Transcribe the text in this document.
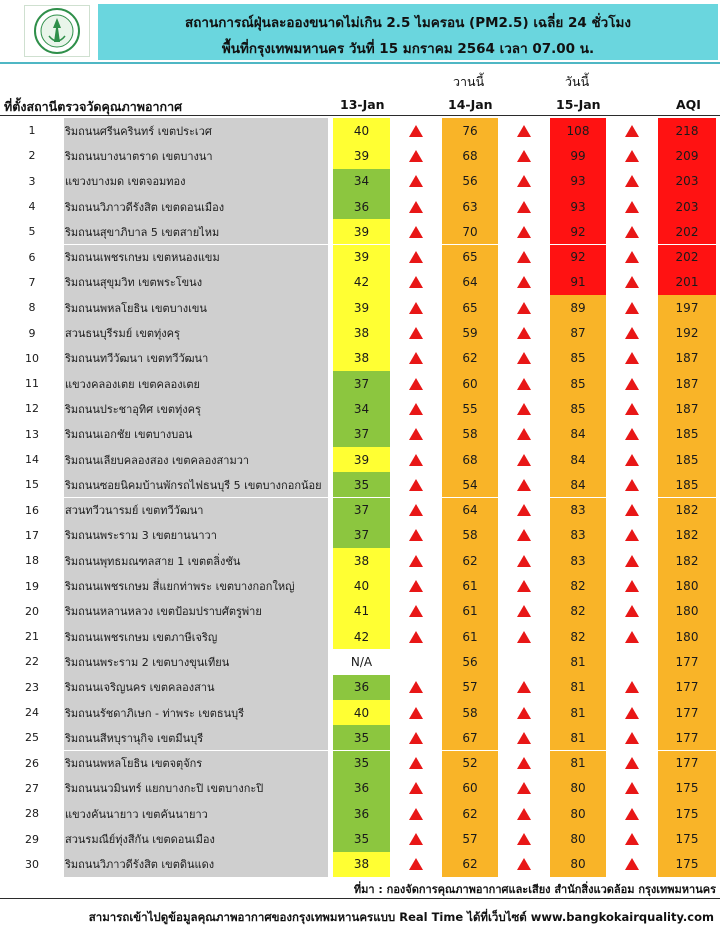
สถานการณ์ฝุ่นละอองขนาดไม่เกิน 2.5 ไมครอน (PM2.5) เฉลี่ย 24 ชั่วโมง
พื้นที่กรุงเทพมหานคร วันที่ 15 มกราคม 2564 เวลา 07.00 น.
วานนี้	วันนี้
ที่ตั้งสถานีตรวจวัดคุณภาพอากาศ	13-Jan	14-Jan	15-Jan	AQI
1	ริมถนนศรีนครินทร์ เขตประเวศ	40	76	108	218
2	ริมถนนบางนาตราด เขตบางนา	39	68	99	209
3	แขวงบางมด เขตจอมทอง	34	56	93	203
4	ริมถนนวิภาวดีรังสิต เขตดอนเมือง	36	63	93	203
5	ริมถนนสุขาภิบาล 5 เขตสายไหม	39	70	92	202
6	ริมถนนเพชรเกษม เขตหนองแขม	39	65	92	202
7	ริมถนนสุขุมวิท เขตพระโขนง	42	64	91	201
8	ริมถนนพหลโยธิน เขตบางเขน	39	65	89	197
9	สวนธนบุรีรมย์ เขตทุ่งครุ	38	59	87	192
10	ริมถนนทวีวัฒนา เขตทวีวัฒนา	38	62	85	187
11	แขวงคลองเตย เขตคลองเตย	37	60	85	187
12	ริมถนนประชาอุทิศ เขตทุ่งครุ	34	55	85	187
13	ริมถนนเอกชัย เขตบางบอน	37	58	84	185
14	ริมถนนเลียบคลองสอง เขตคลองสามวา	39	68	84	185
15	ริมถนนซอยนิคมบ้านพักรถไฟธนบุรี 5 เขตบางกอกน้อย	35	54	84	185
16	สวนทวีวนารมย์ เขตทวีวัฒนา	37	64	83	182
17	ริมถนนพระราม 3 เขตยานนาวา	37	58	83	182
18	ริมถนนพุทธมณฑลสาย 1 เขตตลิ่งชัน	38	62	83	182
19	ริมถนนเพชรเกษม สี่แยกท่าพระ เขตบางกอกใหญ่	40	61	82	180
20	ริมถนนหลานหลวง เขตป้อมปราบศัตรูพ่าย	41	61	82	180
21	ริมถนนเพชรเกษม เขตภาษีเจริญ	42	61	82	180
22	ริมถนนพระราม 2 เขตบางขุนเทียน	N/A	56	81	177
23	ริมถนนเจริญนคร เขตคลองสาน	36	57	81	177
24	ริมถนนรัชดาภิเษก - ท่าพระ เขตธนบุรี	40	58	81	177
25	ริมถนนสีหบุรานุกิจ เขตมีนบุรี	35	67	81	177
26	ริมถนนพหลโยธิน เขตจตุจักร	35	52	81	177
27	ริมถนนนวมินทร์ แยกบางกะปิ เขตบางกะปิ	36	60	80	175
28	แขวงคันนายาว เขตคันนายาว	36	62	80	175
29	สวนรมณีย์ทุ่งสีกัน เขตดอนเมือง	35	57	80	175
30	ริมถนนวิภาวดีรังสิต เขตดินแดง	38	62	80	175
ที่มา : กองจัดการคุณภาพอากาศและเสียง สำนักสิ่งแวดล้อม กรุงเทพมหานคร
สามารถเข้าไปดูข้อมูลคุณภาพอากาศของกรุงเทพมหานครแบบ Real Time ได้ที่เว็บไซต์ www.bangkokairquality.com
